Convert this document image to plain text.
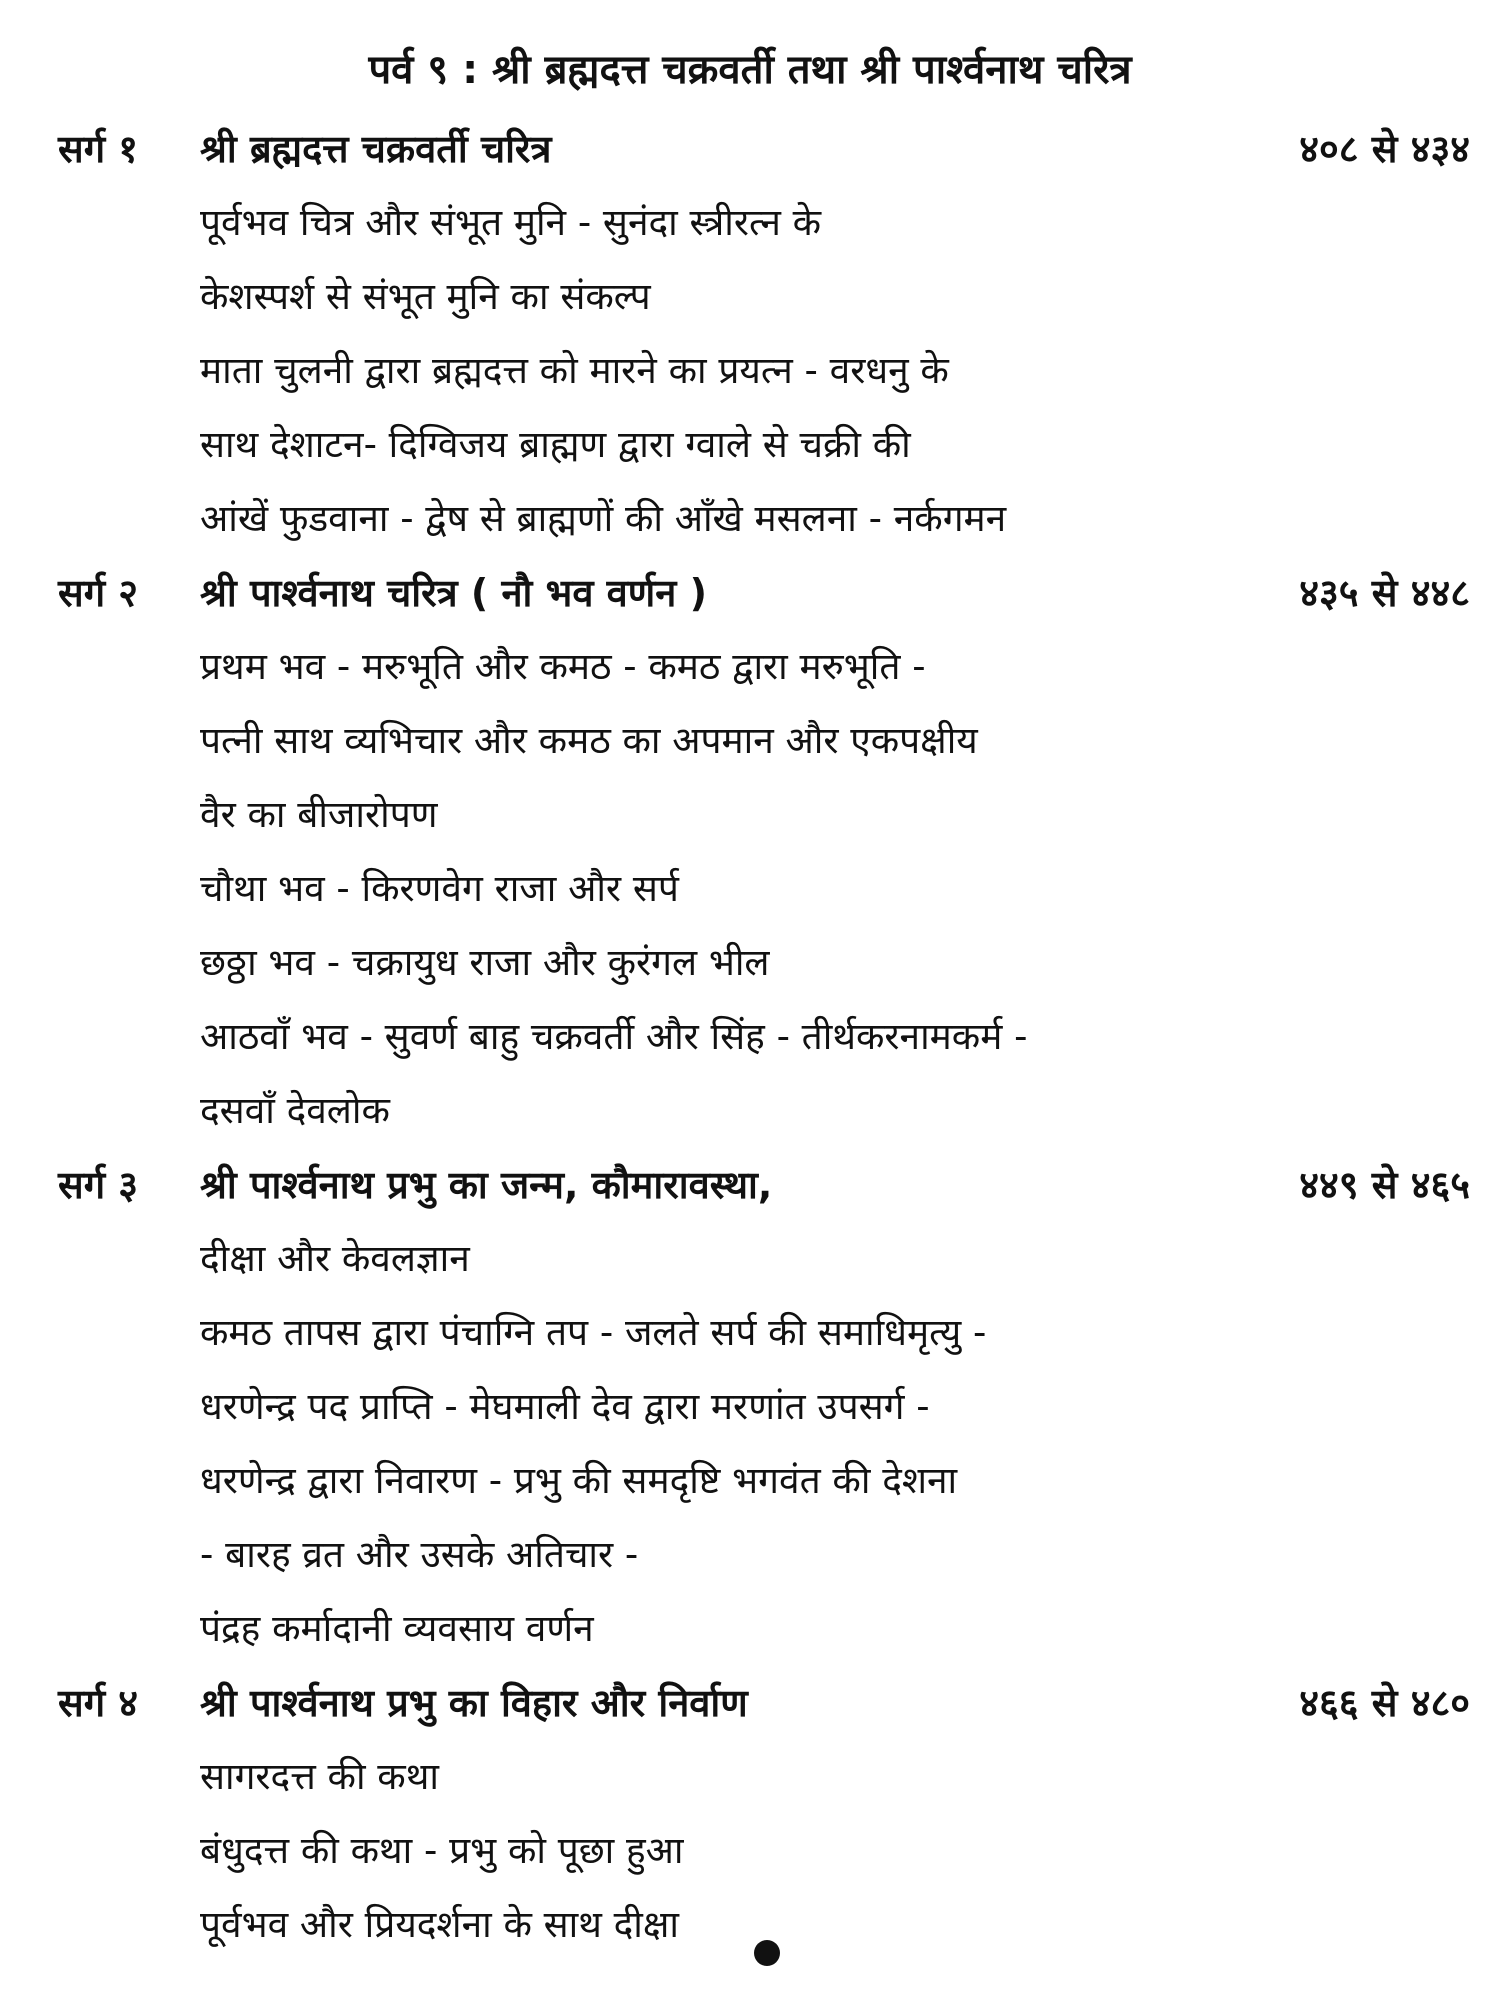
पर्व ९ : श्री ब्रह्मदत्त चक्रवर्ती तथा श्री पार्श्वनाथ चरित्र
सर्ग १ श्री ब्रह्मदत्त चक्रवर्ती चरित्र	४०८ से ४३४
पूर्वभव चित्र और संभूत मुनि - सुनंदा स्त्रीरत्न के
केशस्पर्श से संभूत मुनि का संकल्प
माता चुलनी द्वारा ब्रह्मदत्त को मारने का प्रयत्न - वरधनु के
साथ देशाटन- दिग्विजय ब्राह्मण द्वारा ग्वाले से चक्री की
आंखें फुडवाना - द्वेष से ब्राह्मणों की आँखे मसलना - नर्कगमन
सर्ग २ श्री पार्श्वनाथ चरित्र ( नौ भव वर्णन )	४३५ से ४४८
प्रथम भव - मरुभूति और कमठ - कमठ द्वारा मरुभूति -
पत्नी साथ व्यभिचार और कमठ का अपमान और एकपक्षीय
वैर का बीजारोपण
चौथा भव - किरणवेग राजा और सर्प
छठ्ठा भव - चक्रायुध राजा और कुरंगल भील
आठवाँ भव - सुवर्ण बाहु चक्रवर्ती और सिंह - तीर्थकरनामकर्म -
दसवाँ देवलोक
सर्ग ३ श्री पार्श्वनाथ प्रभु का जन्म, कौमारावस्था,	४४९ से ४६५
दीक्षा और केवलज्ञान
कमठ तापस द्वारा पंचाग्नि तप - जलते सर्प की समाधिमृत्यु -
धरणेन्द्र पद प्राप्ति - मेघमाली देव द्वारा मरणांत उपसर्ग -
धरणेन्द्र द्वारा निवारण - प्रभु की समदृष्टि भगवंत की देशना
- बारह व्रत और उसके अतिचार -
पंद्रह कर्मादानी व्यवसाय वर्णन
सर्ग ४ श्री पार्श्वनाथ प्रभु का विहार और निर्वाण	४६६ से ४८०
सागरदत्त की कथा
बंधुदत्त की कथा - प्रभु को पूछा हुआ
पूर्वभव और प्रियदर्शना के साथ दीक्षा
